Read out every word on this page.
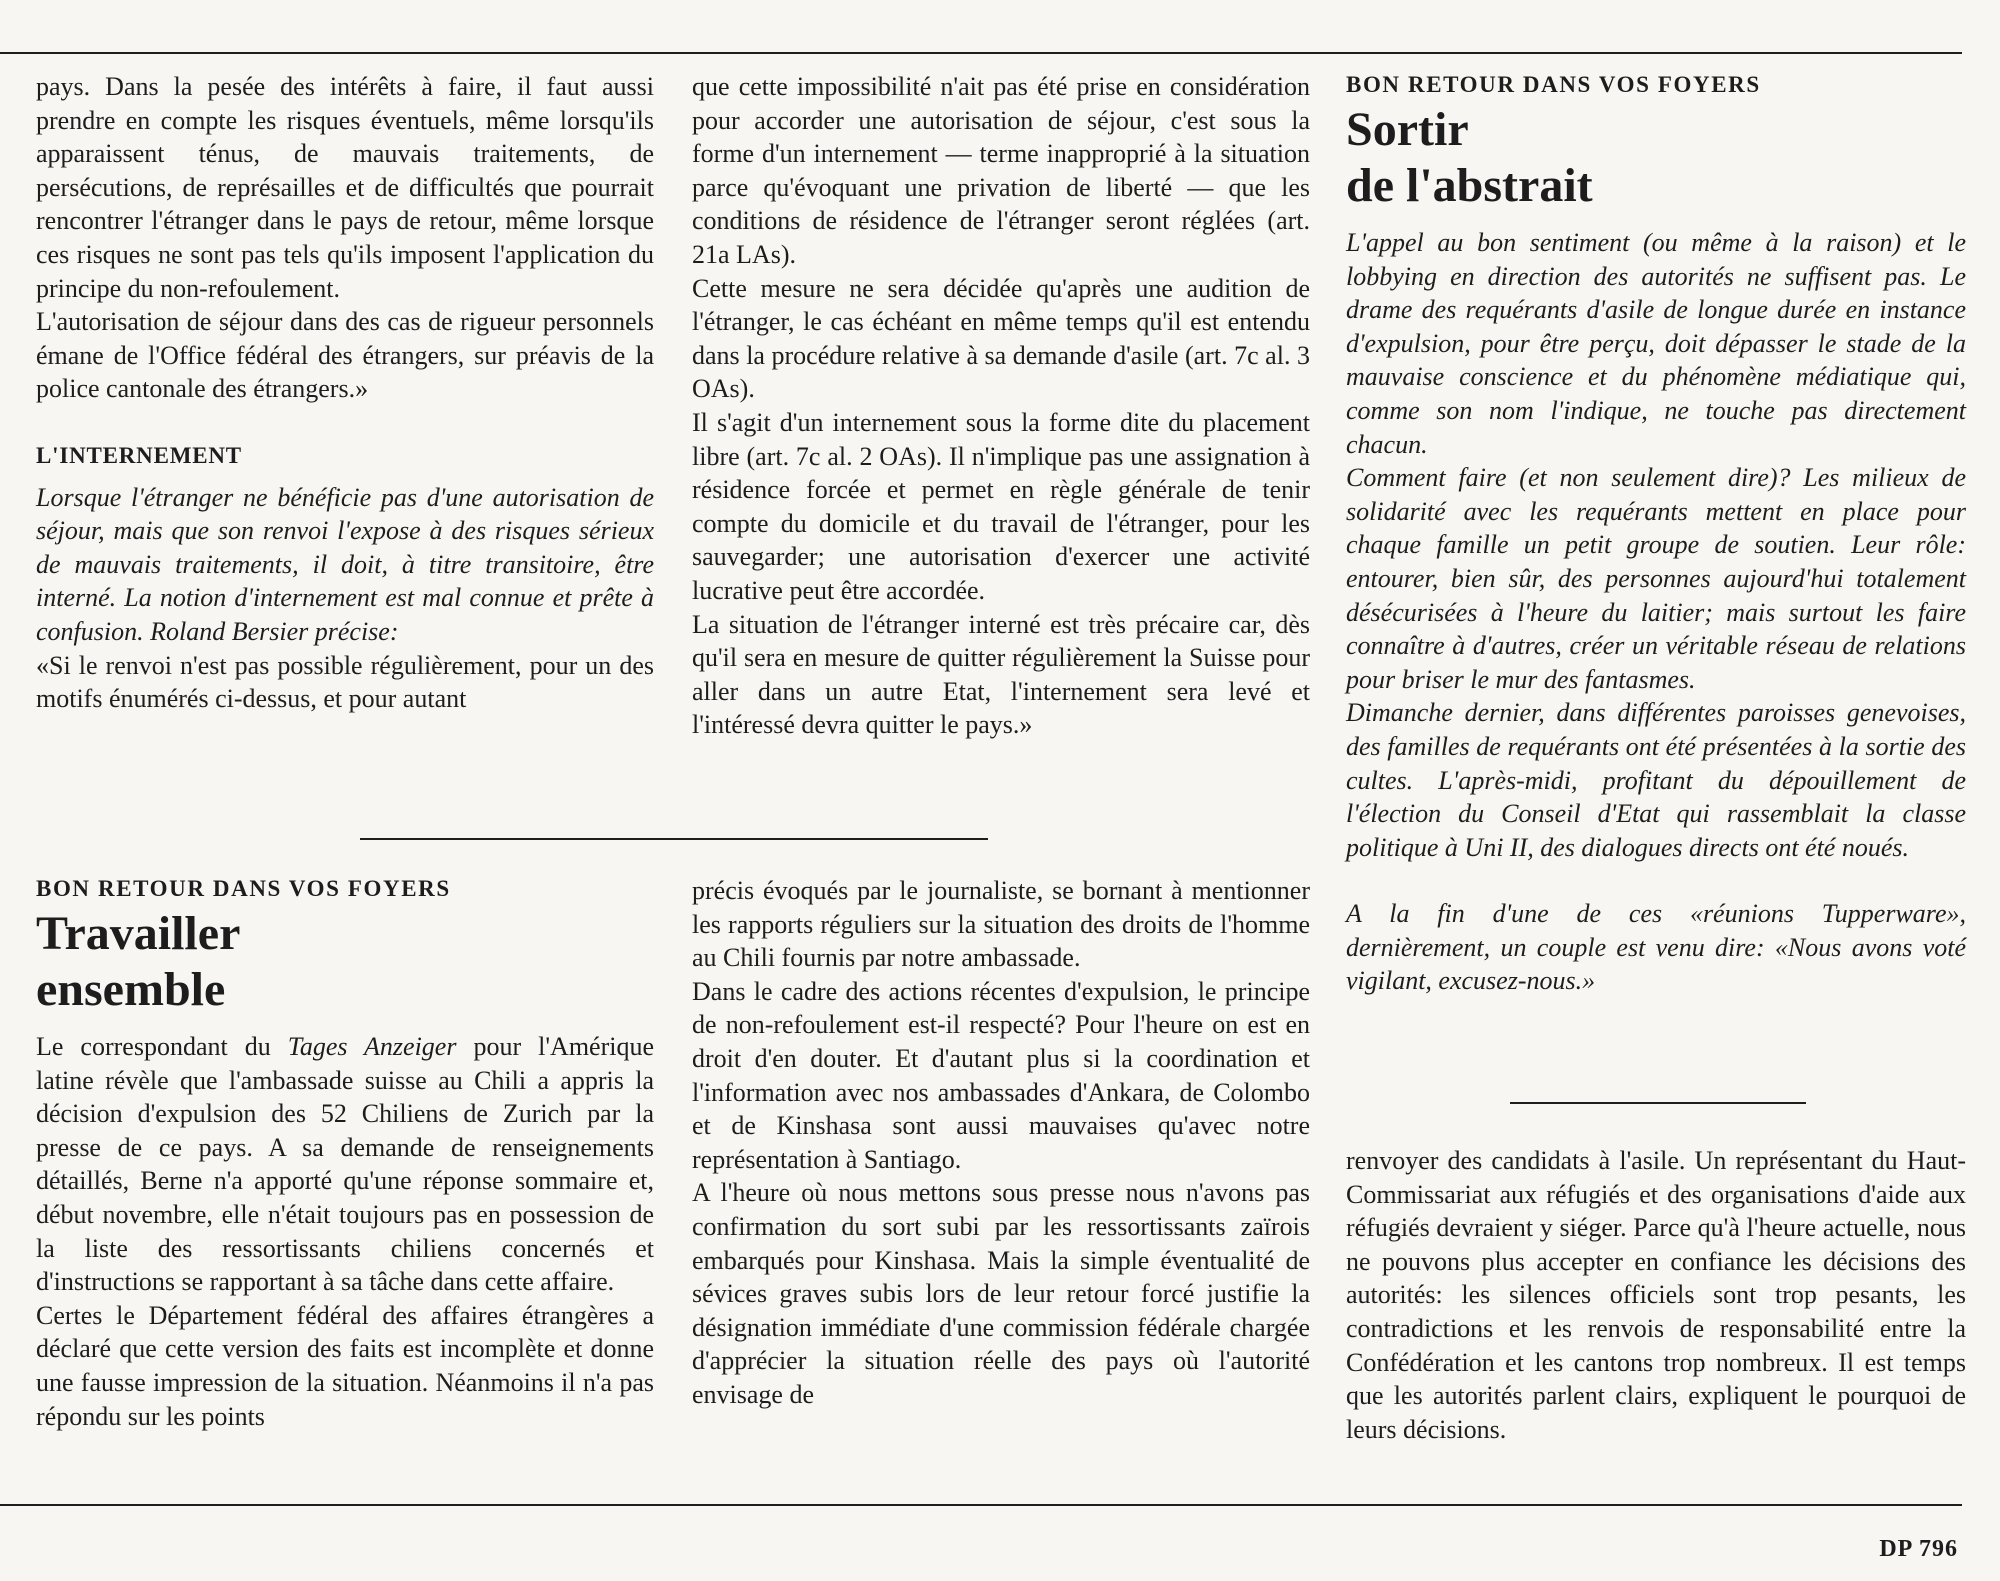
pays. Dans la pesée des intérêts à faire, il faut aussi prendre en compte les risques éventuels, même lorsqu'ils apparaissent ténus, de mauvais traitements, de persécutions, de représailles et de difficultés que pourrait rencontrer l'étranger dans le pays de retour, même lorsque ces risques ne sont pas tels qu'ils imposent l'application du principe du non-refoulement.

L'autorisation de séjour dans des cas de rigueur personnels émane de l'Office fédéral des étrangers, sur préavis de la police cantonale des étrangers.»

L'INTERNEMENT

Lorsque l'étranger ne bénéficie pas d'une autorisation de séjour, mais que son renvoi l'expose à des risques sérieux de mauvais traitements, il doit, à titre transitoire, être interné. La notion d'internement est mal connue et prête à confusion. Roland Bersier précise:

«Si le renvoi n'est pas possible régulièrement, pour un des motifs énumérés ci-dessus, et pour autant

que cette impossibilité n'ait pas été prise en considération pour accorder une autorisation de séjour, c'est sous la forme d'un internement — terme inapproprié à la situation parce qu'évoquant une privation de liberté — que les conditions de résidence de l'étranger seront réglées (art. 21a LAs).

Cette mesure ne sera décidée qu'après une audition de l'étranger, le cas échéant en même temps qu'il est entendu dans la procédure relative à sa demande d'asile (art. 7c al. 3 OAs).

Il s'agit d'un internement sous la forme dite du placement libre (art. 7c al. 2 OAs). Il n'implique pas une assignation à résidence forcée et permet en règle générale de tenir compte du domicile et du travail de l'étranger, pour les sauvegarder; une autorisation d'exercer une activité lucrative peut être accordée.

La situation de l'étranger interné est très précaire car, dès qu'il sera en mesure de quitter régulièrement la Suisse pour aller dans un autre Etat, l'internement sera levé et l'intéressé devra quitter le pays.»

BON RETOUR DANS VOS FOYERS

Sortir
de l'abstrait

L'appel au bon sentiment (ou même à la raison) et le lobbying en direction des autorités ne suffisent pas. Le drame des requérants d'asile de longue durée en instance d'expulsion, pour être perçu, doit dépasser le stade de la mauvaise conscience et du phénomène médiatique qui, comme son nom l'indique, ne touche pas directement chacun.

Comment faire (et non seulement dire)? Les milieux de solidarité avec les requérants mettent en place pour chaque famille un petit groupe de soutien. Leur rôle: entourer, bien sûr, des personnes aujourd'hui totalement désécurisées à l'heure du laitier; mais surtout les faire connaître à d'autres, créer un véritable réseau de relations pour briser le mur des fantasmes.

Dimanche dernier, dans différentes paroisses genevoises, des familles de requérants ont été présentées à la sortie des cultes. L'après-midi, profitant du dépouillement de l'élection du Conseil d'Etat qui rassemblait la classe politique à Uni II, des dialogues directs ont été noués.

A la fin d'une de ces «réunions Tupperware», dernièrement, un couple est venu dire: «Nous avons voté vigilant, excusez-nous.»

renvoyer des candidats à l'asile. Un représentant du Haut-Commissariat aux réfugiés et des organisations d'aide aux réfugiés devraient y siéger. Parce qu'à l'heure actuelle, nous ne pouvons plus accepter en confiance les décisions des autorités: les silences officiels sont trop pesants, les contradictions et les renvois de responsabilité entre la Confédération et les cantons trop nombreux. Il est temps que les autorités parlent clairs, expliquent le pourquoi de leurs décisions.

BON RETOUR DANS VOS FOYERS

Travailler
ensemble

Le correspondant du Tages Anzeiger pour l'Amérique latine révèle que l'ambassade suisse au Chili a appris la décision d'expulsion des 52 Chiliens de Zurich par la presse de ce pays. A sa demande de renseignements détaillés, Berne n'a apporté qu'une réponse sommaire et, début novembre, elle n'était toujours pas en possession de la liste des ressortissants chiliens concernés et d'instructions se rapportant à sa tâche dans cette affaire.

Certes le Département fédéral des affaires étrangères a déclaré que cette version des faits est incomplète et donne une fausse impression de la situation. Néanmoins il n'a pas répondu sur les points

précis évoqués par le journaliste, se bornant à mentionner les rapports réguliers sur la situation des droits de l'homme au Chili fournis par notre ambassade.

Dans le cadre des actions récentes d'expulsion, le principe de non-refoulement est-il respecté? Pour l'heure on est en droit d'en douter. Et d'autant plus si la coordination et l'information avec nos ambassades d'Ankara, de Colombo et de Kinshasa sont aussi mauvaises qu'avec notre représentation à Santiago.

A l'heure où nous mettons sous presse nous n'avons pas confirmation du sort subi par les ressortissants zaïrois embarqués pour Kinshasa. Mais la simple éventualité de sévices graves subis lors de leur retour forcé justifie la désignation immédiate d'une commission fédérale chargée d'apprécier la situation réelle des pays où l'autorité envisage de

DP 796
